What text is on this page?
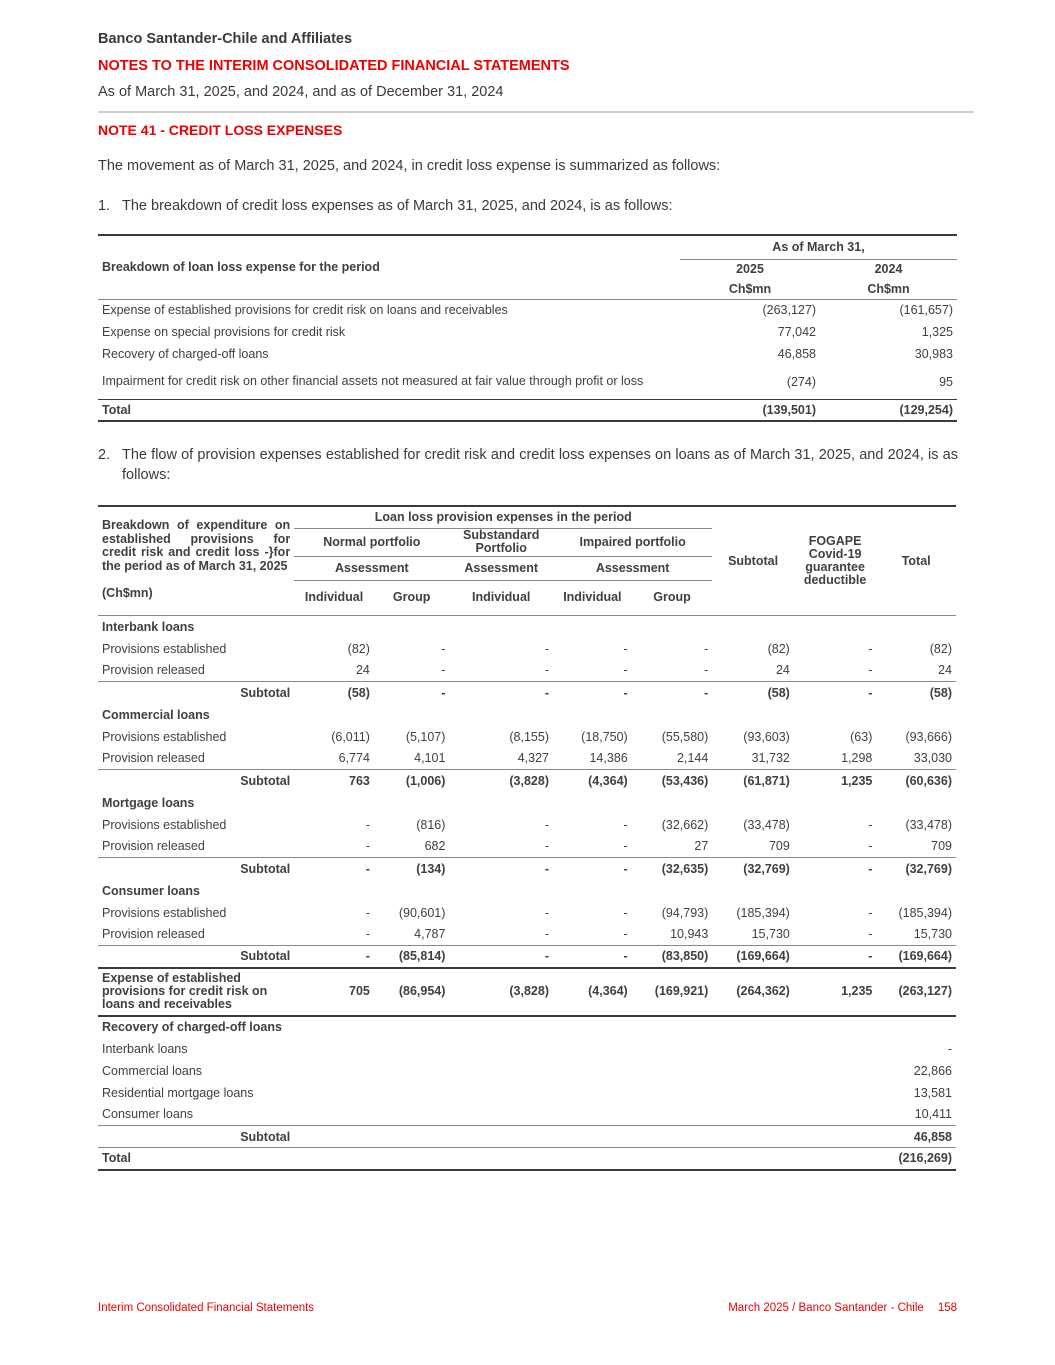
Banco Santander-Chile and Affiliates
NOTES TO THE INTERIM CONSOLIDATED FINANCIAL STATEMENTS
As of March 31, 2025, and 2024, and as of December 31, 2024
NOTE 41 - CREDIT LOSS EXPENSES
The movement as of March 31, 2025, and 2024, in credit loss expense is summarized as follows:
1. The breakdown of credit loss expenses as of March 31, 2025, and 2024, is as follows:
Breakdown of loan loss expense for the period	As of March 31,	
	2025	2024
	Ch$mn	Ch$mn
Expense of established provisions for credit risk on loans and receivables	(263,127)	(161,657)
Expense on special provisions for credit risk	77,042	1,325
Recovery of charged-off loans	46,858	30,983
Impairment for credit risk on other financial assets not measured at fair value through profit or loss	(274)	95
Total	(139,501)	(129,254)
2. The flow of provision expenses established for credit risk and credit loss expenses on loans as of March 31, 2025, and 2024, is as follows:
Breakdown of expenditure on established provisions for credit risk and credit loss -}for the period as of March 31, 2025
(Ch$mn)	Loan loss provision expenses in the period					Subtotal	FOGAPE Covid-19 guarantee deductible	Total
	Normal portfolio		Substandard Portfolio	Impaired portfolio				
	Assessment		Assessment	Assessment				
	Individual	Group	Individual	Individual	Group			

Interbank loans								
Provisions established	(82)	-	-	-	-	(82)	-	(82)
Provision released	24	-	-	-	-	24	-	24
Subtotal	(58)	-	-	-	-	(58)	-	(58)
Commercial loans								
Provisions established	(6,011)	(5,107)	(8,155)	(18,750)	(55,580)	(93,603)	(63)	(93,666)
Provision released	6,774	4,101	4,327	14,386	2,144	31,732	1,298	33,030
Subtotal	763	(1,006)	(3,828)	(4,364)	(53,436)	(61,871)	1,235	(60,636)
Mortgage loans								
Provisions established	-	(816)	-	-	(32,662)	(33,478)	-	(33,478)
Provision released	-	682	-	-	27	709	-	709
Subtotal	-	(134)	-	-	(32,635)	(32,769)	-	(32,769)
Consumer loans								
Provisions established	-	(90,601)	-	-	(94,793)	(185,394)	-	(185,394)
Provision released	-	4,787	-	-	10,943	15,730	-	15,730
Subtotal	-	(85,814)	-	-	(83,850)	(169,664)	-	(169,664)
Expense of established provisions for credit risk on loans and receivables	705	(86,954)	(3,828)	(4,364)	(169,921)	(264,362)	1,235	(263,127)
Recovery of charged-off loans								
Interbank loans								-
Commercial loans								22,866
Residential mortgage loans								13,581
Consumer loans								10,411
Subtotal								46,858
Total								(216,269)
Interim Consolidated Financial Statements	March 2025 / Banco Santander - Chile 158
